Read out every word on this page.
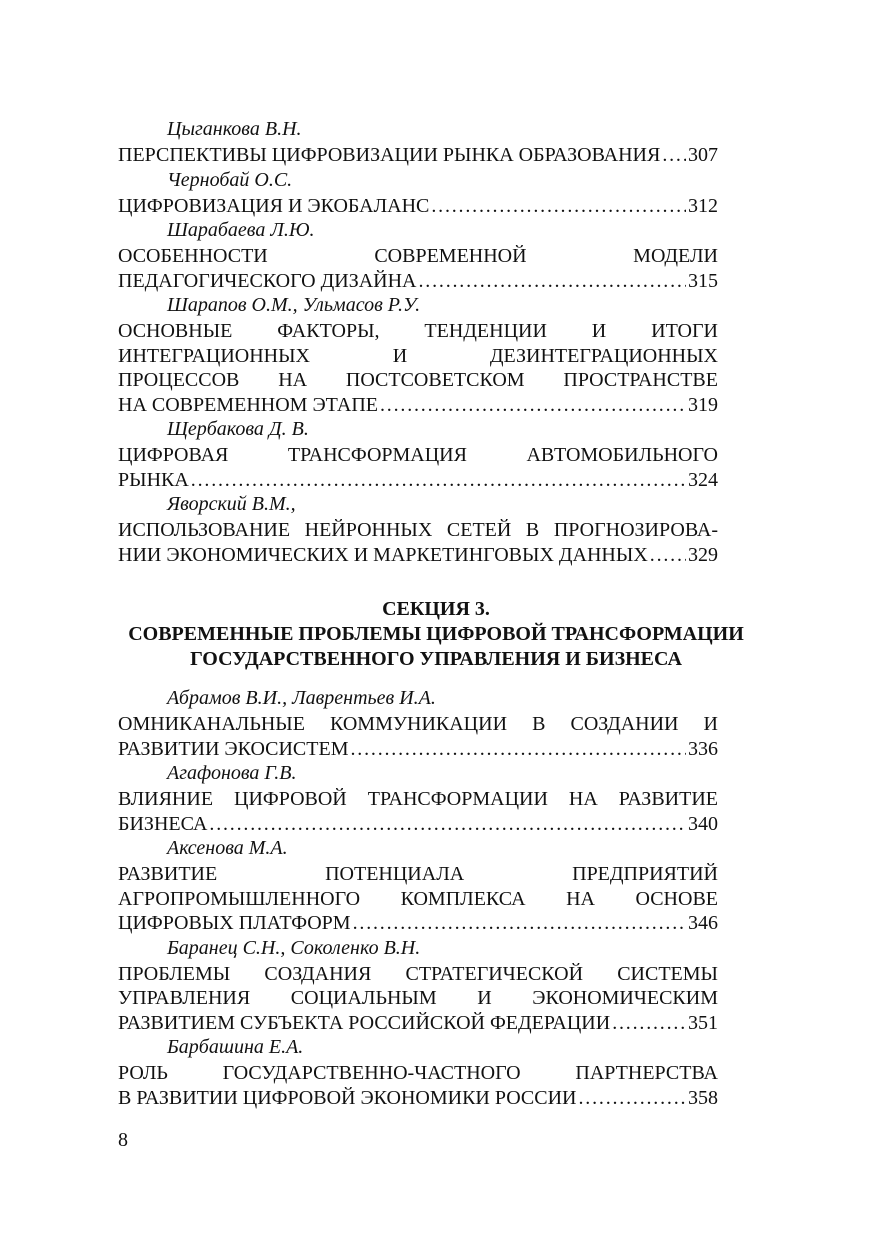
Цыганкова В.Н.
ПЕРСПЕКТИВЫ ЦИФРОВИЗАЦИИ РЫНКА ОБРАЗОВАНИЯ . . . 307
Чернобай О.С.
ЦИФРОВИЗАЦИЯ И ЭКОБАЛАНС . . .	312
Шарабаева Л.Ю.
ОСОБЕННОСТИ СОВРЕМЕННОЙ МОДЕЛИ
ПЕДАГОГИЧЕСКОГО ДИЗАЙНА . . .	315
Шарапов О.М., Ульмасов Р.У.
ОСНОВНЫЕ ФАКТОРЫ, ТЕНДЕНЦИИ И ИТОГИ
ИНТЕГРАЦИОННЫХ И ДЕЗИНТЕГРАЦИОННЫХ
ПРОЦЕССОВ НА ПОСТСОВЕТСКОМ ПРОСТРАНСТВЕ
НА СОВРЕМЕННОМ ЭТАПЕ . . .	319
Щербакова Д. В.
ЦИФРОВАЯ ТРАНСФОРМАЦИЯ АВТОМОБИЛЬНОГО
РЫНКА . . .	324
Яворский В.М.,
ИСПОЛЬЗОВАНИЕ НЕЙРОННЫХ СЕТЕЙ В ПРОГНОЗИРОВА-
НИИ ЭКОНОМИЧЕСКИХ И МАРКЕТИНГОВЫХ ДАННЫХ . . . 329
СЕКЦИЯ 3.
СОВРЕМЕННЫЕ ПРОБЛЕМЫ ЦИФРОВОЙ ТРАНСФОРМАЦИИ
ГОСУДАРСТВЕННОГО УПРАВЛЕНИЯ И БИЗНЕСА
Абрамов В.И., Лаврентьев И.А.
ОМНИКАНАЛЬНЫЕ КОММУНИКАЦИИ В СОЗДАНИИ И
РАЗВИТИИ ЭКОСИСТЕМ . . .	336
Агафонова Г.В.
ВЛИЯНИЕ ЦИФРОВОЙ ТРАНСФОРМАЦИИ НА РАЗВИТИЕ
БИЗНЕСА . . .	340
Аксенова М.А.
РАЗВИТИЕ ПОТЕНЦИАЛА ПРЕДПРИЯТИЙ
АГРОПРОМЫШЛЕННОГО КОМПЛЕКСА НА ОСНОВЕ
ЦИФРОВЫХ ПЛАТФОРМ . . .	346
Баранец С.Н., Соколенко В.Н.
ПРОБЛЕМЫ СОЗДАНИЯ СТРАТЕГИЧЕСКОЙ СИСТЕМЫ
УПРАВЛЕНИЯ СОЦИАЛЬНЫМ И ЭКОНОМИЧЕСКИМ
РАЗВИТИЕМ СУБЪЕКТА РОССИЙСКОЙ ФЕДЕРАЦИИ . . .	351
Барбашина Е.А.
РОЛЬ ГОСУДАРСТВЕННО-ЧАСТНОГО ПАРТНЕРСТВА
В РАЗВИТИИ ЦИФРОВОЙ ЭКОНОМИКИ РОССИИ . . .	358
8
